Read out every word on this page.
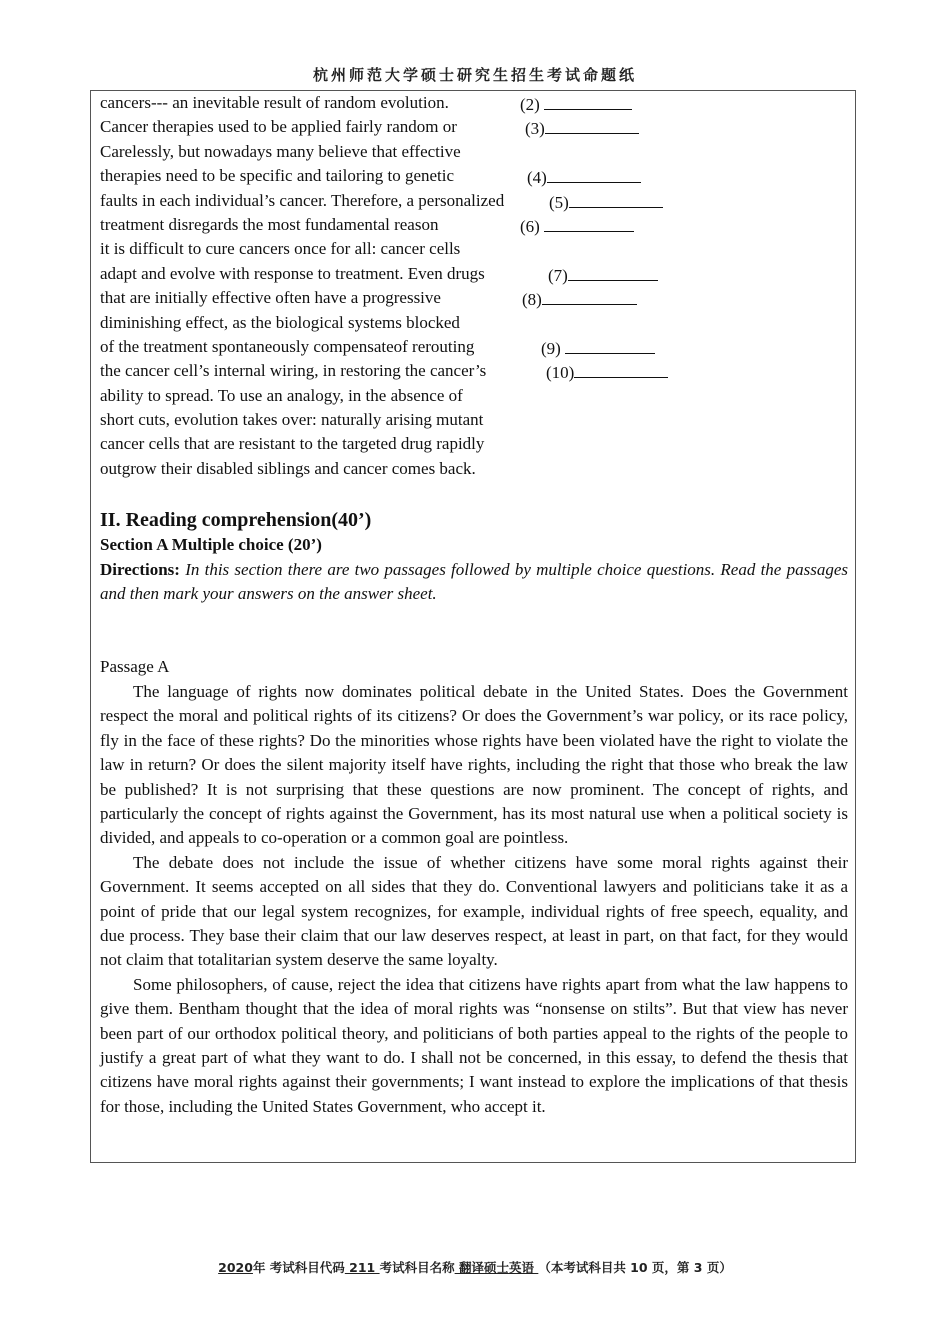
杭州师范大学硕士研究生招生考试命题纸
cancers--- an inevitable result of random evolution.	(2)
Cancer therapies used to be applied fairly random or	(3)
Carelessly, but nowadays many believe that effective
therapies need to be specific and tailoring to genetic	(4)
faults in each individual’s cancer. Therefore, a personalized	(5)
treatment disregards the most fundamental reason	(6)
it is difficult to cure cancers once for all: cancer cells
adapt and evolve with response to treatment. Even drugs	(7)
that are initially effective often have a progressive	(8)
diminishing effect, as the biological systems blocked
of the treatment spontaneously compensateof rerouting	(9)
the cancer cell’s internal wiring, in restoring the cancer’s	(10)
ability to spread. To use an analogy, in the absence of
short cuts, evolution takes over: naturally arising mutant
cancer cells that are resistant to the targeted drug rapidly
outgrow their disabled siblings and cancer comes back.
II. Reading comprehension(40’)
Section A Multiple choice (20’)
Directions: In this section there are two passages followed by multiple choice questions. Read the passages and then mark your answers on the answer sheet.
Passage A
The language of rights now dominates political debate in the United States. Does the Government respect the moral and political rights of its citizens? Or does the Government’s war policy, or its race policy, fly in the face of these rights? Do the minorities whose rights have been violated have the right to violate the law in return? Or does the silent majority itself have rights, including the right that those who break the law be published? It is not surprising that these questions are now prominent. The concept of rights, and particularly the concept of rights against the Government, has its most natural use when a political society is divided, and appeals to co-operation or a common goal are pointless.
The debate does not include the issue of whether citizens have some moral rights against their Government. It seems accepted on all sides that they do. Conventional lawyers and politicians take it as a point of pride that our legal system recognizes, for example, individual rights of free speech, equality, and due process. They base their claim that our law deserves respect, at least in part, on that fact, for they would not claim that totalitarian system deserve the same loyalty.
Some philosophers, of cause, reject the idea that citizens have rights apart from what the law happens to give them. Bentham thought that the idea of moral rights was “nonsense on stilts”. But that view has never been part of our orthodox political theory, and politicians of both parties appeal to the rights of the people to justify a great part of what they want to do. I shall not be concerned, in this essay, to defend the thesis that citizens have moral rights against their governments; I want instead to explore the implications of that thesis for those, including the United States Government, who accept it.
2020年 考试科目代码 211 考试科目名称 翻译硕士英语 （本考试科目共 10 页，第 3 页）
